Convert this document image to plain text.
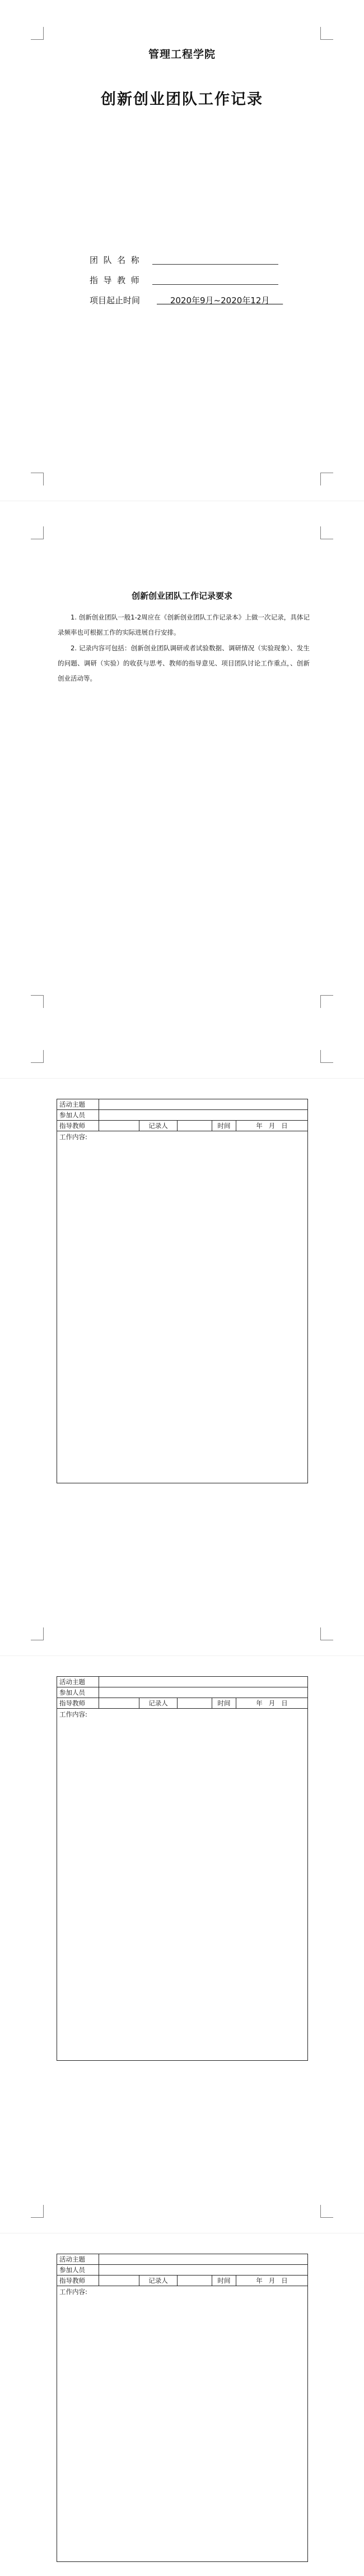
管理工程学院
创新创业团队工作记录
团  队  名  称
指  导  教  师
项目起止时间 2020年9月~2020年12月
创新创业团队工作记录要求
1. 创新创业团队一般1-2周应在《创新创业团队工作记录本》上做一次记录，具体记录频率也可根据工作的实际进展自行安排。
2. 记录内容可包括：创新创业团队调研或者试验数据、调研情况（实验现象）、发生的问题、调研（实验）的收获与思考、教师的指导意见、项目团队讨论工作重点，、创新创业活动等。
活动主题					
参加人员					
指导教师		记录人		时间	年   月   日
工作内容:					
活动主题					
参加人员					
指导教师		记录人		时间	年   月   日
工作内容:					
活动主题					
参加人员					
指导教师		记录人		时间	年   月   日
工作内容:					
